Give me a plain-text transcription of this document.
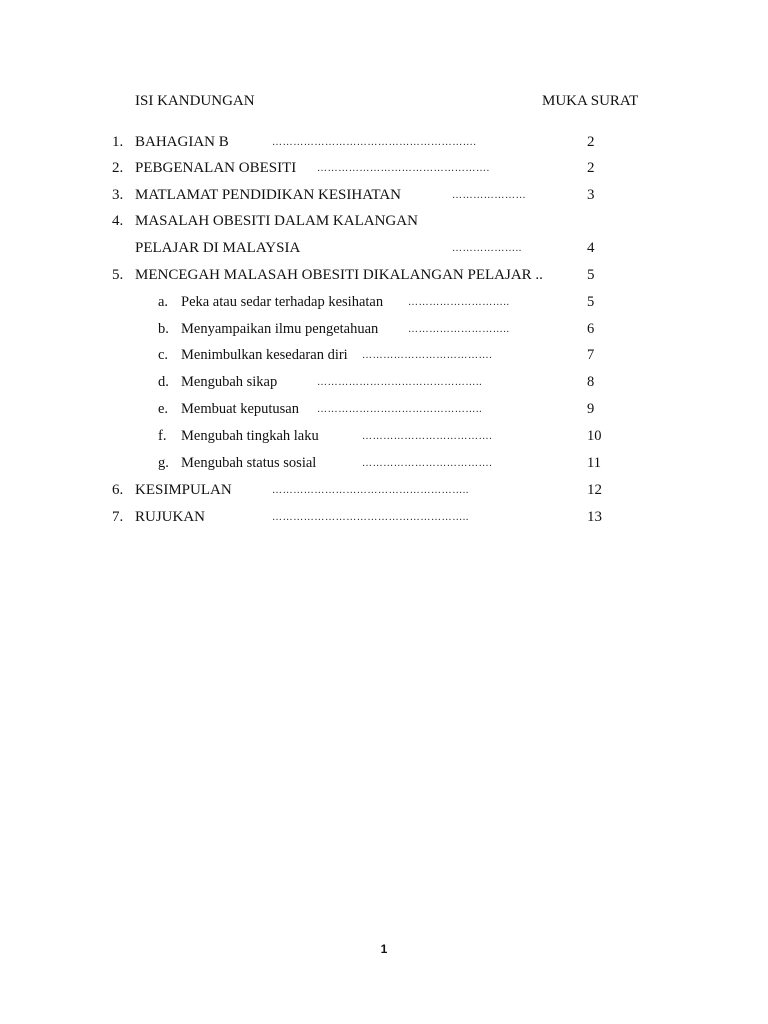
ISI KANDUNGAN	MUKA SURAT
1. BAHAGIAN B	………………………………………………….	2
2. PEBGENALAN OBESITI ………………………………………….	2
3. MATLAMAT PENDIDIKAN KESIHATAN	…………………	3
4. MASALAH OBESITI DALAM KALANGAN
PELAJAR DI MALAYSIA	………………..	4
5. MENCEGAH MALASAH OBESITI DIKALANGAN PELAJAR ..	5
a. Peka atau sedar terhadap kesihatan ………………………..	5
b. Menyampaikan ilmu pengetahuan	………………………..	6
c. Menimbulkan kesedaran diri ……………………………….	7
d. Mengubah sikap	………………………………………..	8
e. Membuat keputusan ………………………………………..	9
f. Mengubah tingkah laku	……………………………….	10
g. Mengubah status sosial	……………………………….	11
6. KESIMPULAN	………………………………………………..	12
7. RUJUKAN	………………………………………………..	13
1
